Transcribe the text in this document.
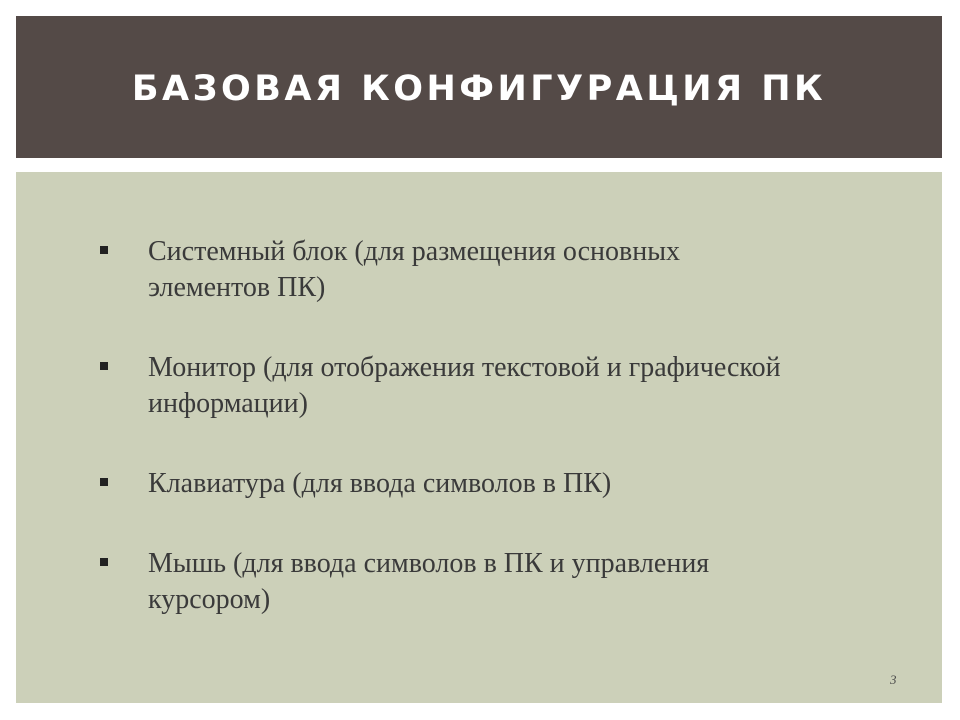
БАЗОВАЯ КОНФИГУРАЦИЯ ПК
Системный блок (для размещения основных элементов ПК)
Монитор (для отображения текстовой и графической информации)
Клавиатура (для ввода символов в ПК)
Мышь (для ввода символов в ПК и управления курсором)
3
